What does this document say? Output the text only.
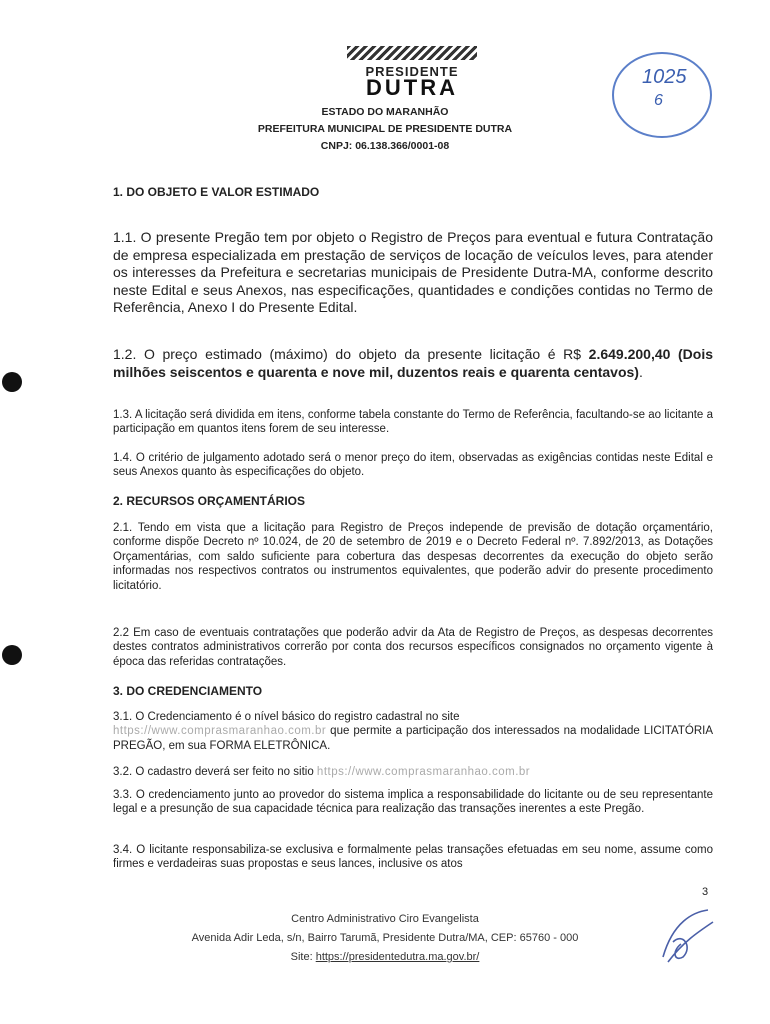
PRESIDENTE
DUTRA	1025
6
ESTADO DO MARANHÃO
PREFEITURA MUNICIPAL DE PRESIDENTE DUTRA
CNPJ: 06.138.366/0001-08
1. DO OBJETO E VALOR ESTIMADO
1.1. O presente Pregão tem por objeto o Registro de Preços para eventual e futura Contratação de empresa especializada em prestação de serviços de locação de veículos leves, para atender os interesses da Prefeitura e secretarias municipais de Presidente Dutra-MA, conforme descrito neste Edital e seus Anexos, nas especificações, quantidades e condições contidas no Termo de Referência, Anexo I do Presente Edital.
1.2. O preço estimado (máximo) do objeto da presente licitação é R$ 2.649.200,40 (Dois milhões seiscentos e quarenta e nove mil, duzentos reais e quarenta centavos).
1.3. A licitação será dividida em itens, conforme tabela constante do Termo de Referência, facultando-se ao licitante a participação em quantos itens forem de seu interesse.
1.4. O critério de julgamento adotado será o menor preço do item, observadas as exigências contidas neste Edital e seus Anexos quanto às especificações do objeto.
2. RECURSOS ORÇAMENTÁRIOS
2.1. Tendo em vista que a licitação para Registro de Preços independe de previsão de dotação orçamentário, conforme dispõe Decreto nº 10.024, de 20 de setembro de 2019 e o Decreto Federal nº. 7.892/2013, as Dotações Orçamentárias, com saldo suficiente para cobertura das despesas decorrentes da execução do objeto serão informadas nos respectivos contratos ou instrumentos equivalentes, que poderão advir do presente procedimento licitatório.
2.2 Em caso de eventuais contratações que poderão advir da Ata de Registro de Preços, as despesas decorrentes destes contratos administrativos correrão por conta dos recursos específicos consignados no orçamento vigente à época das referidas contratações.
3. DO CREDENCIAMENTO
3.1. O Credenciamento é o nível básico do registro cadastral no site
https://www.comprasmaranhao.com.br que permite a participação dos interessados na modalidade LICITATÓRIA PREGÃO, em sua FORMA ELETRÔNICA.
3.2. O cadastro deverá ser feito no sitio https://www.comprasmaranhao.com.br
3.3. O credenciamento junto ao provedor do sistema implica a responsabilidade do licitante ou de seu representante legal e a presunção de sua capacidade técnica para realização das transações inerentes a este Pregão.
3.4. O licitante responsabiliza-se exclusiva e formalmente pelas transações efetuadas em seu nome, assume como firmes e verdadeiras suas propostas e seus lances, inclusive os atos
3
Centro Administrativo Ciro Evangelista
Avenida Adir Leda, s/n, Bairro Tarumã, Presidente Dutra/MA, CEP: 65760 - 000
Site: https://presidentedutra.ma.gov.br/
